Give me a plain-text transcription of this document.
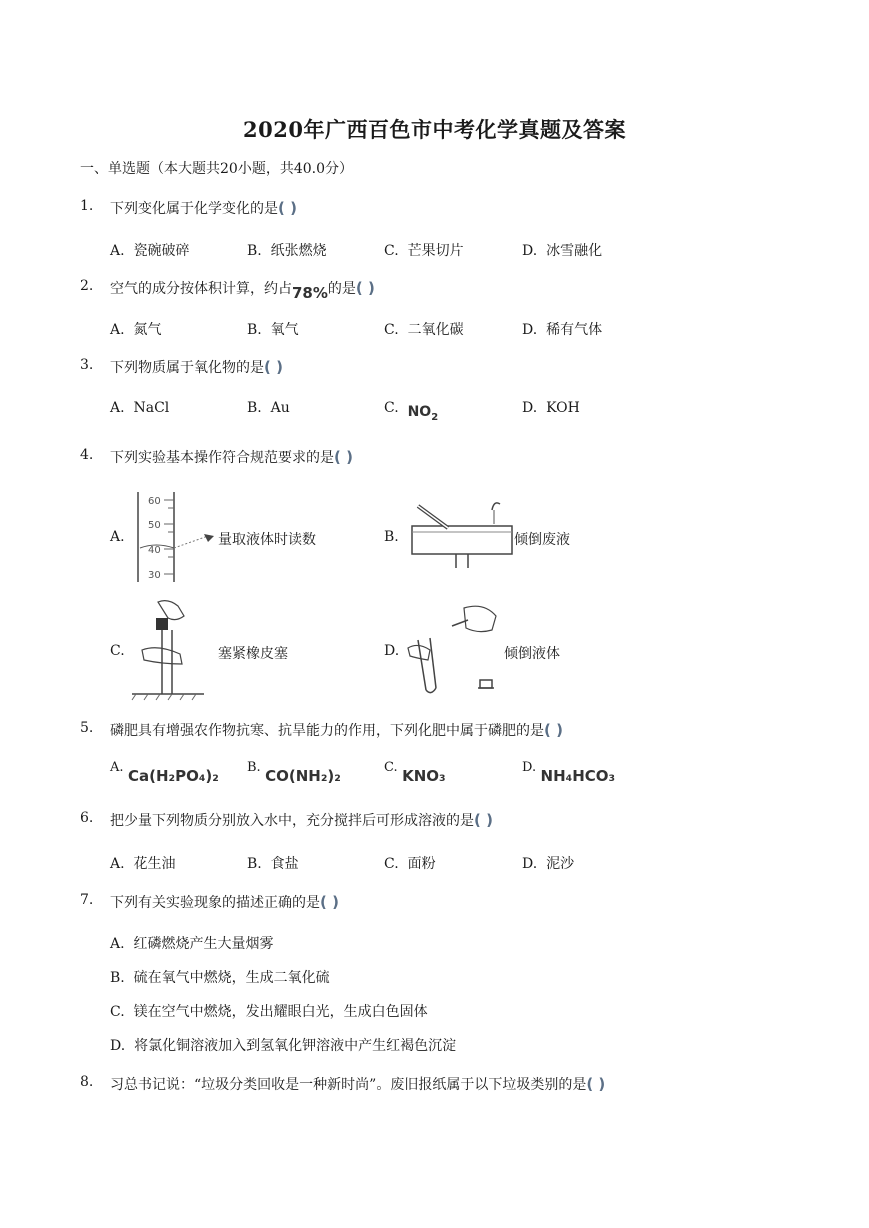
2020年广西百色市中考化学真题及答案
一、单选题（本大题共20小题，共40.0分）
1. 下列变化属于化学变化的是( )
A. 瓷碗破碎	B. 纸张燃烧	C. 芒果切片	D. 冰雪融化
2. 空气的成分按体积计算，约占78%的是( )
A. 氮气	B. 氧气	C. 二氧化碳	D. 稀有气体
3. 下列物质属于氧化物的是( )
A. NaCl	B. Au	C. $NO_2$
D. KOH
4. 下列实验基本操作符合规范要求的是( )
A.
60
50
40
30
量取液体时读数	B.	倾倒废液
C.	塞紧橡皮塞	D.	倾倒液体
5. 磷肥具有增强农作物抗寒、抗旱能力的作用，下列化肥中属于磷肥的是( )
A. Ca(H₂PO₄)₂ B. CO(NH₂)₂	C. KNO₃	D. NH₄HCO₃
6. 把少量下列物质分别放入水中，充分搅拌后可形成溶液的是( )
A. 花生油	B. 食盐	C. 面粉	D. 泥沙
7. 下列有关实验现象的描述正确的是( )
A. 红磷燃烧产生大量烟雾
B. 硫在氧气中燃烧，生成二氧化硫
C. 镁在空气中燃烧，发出耀眼白光，生成白色固体
D. 将氯化铜溶液加入到氢氧化钾溶液中产生红褐色沉淀
8. 习总书记说：“垃圾分类回收是一种新时尚”。废旧报纸属于以下垃圾类别的是( )
